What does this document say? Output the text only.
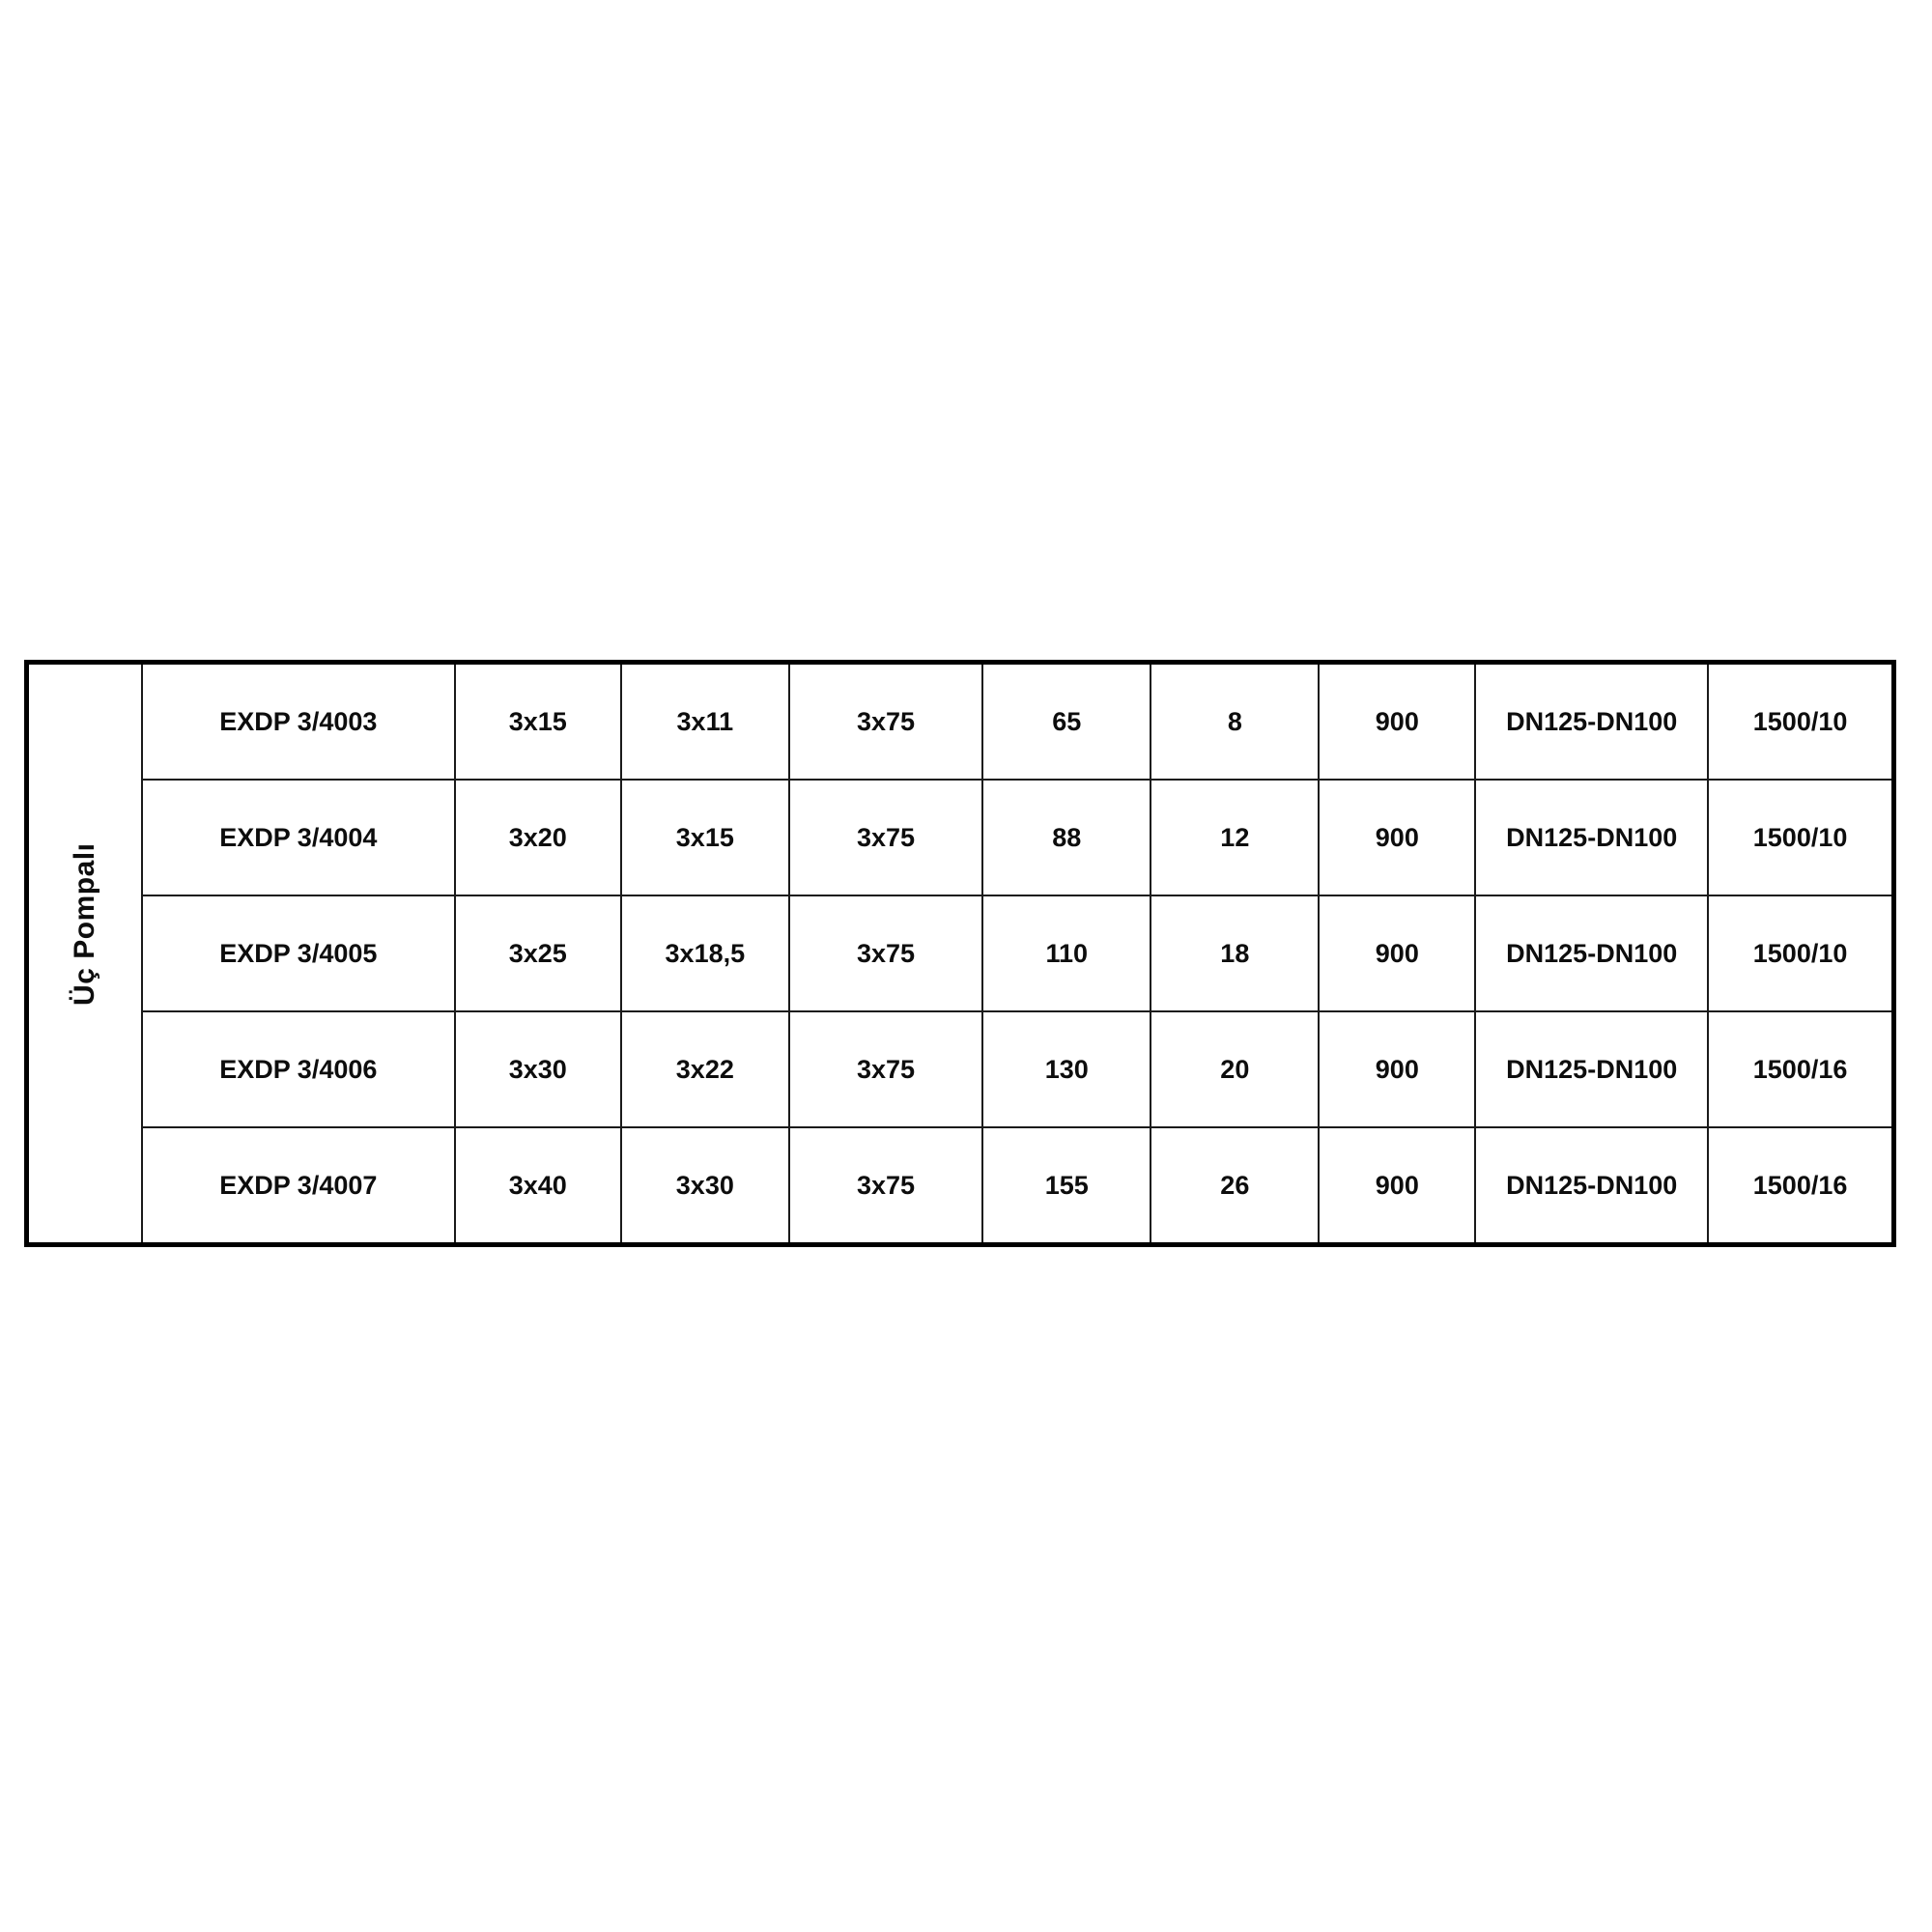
Üç Pompalı	EXDP 3/4003	3x15	3x11	3x75	65	8	900	DN125-DN100	1500/10
	EXDP 3/4004	3x20	3x15	3x75	88	12	900	DN125-DN100	1500/10
	EXDP 3/4005	3x25	3x18,5	3x75	110	18	900	DN125-DN100	1500/10
	EXDP 3/4006	3x30	3x22	3x75	130	20	900	DN125-DN100	1500/16
	EXDP 3/4007	3x40	3x30	3x75	155	26	900	DN125-DN100	1500/16
